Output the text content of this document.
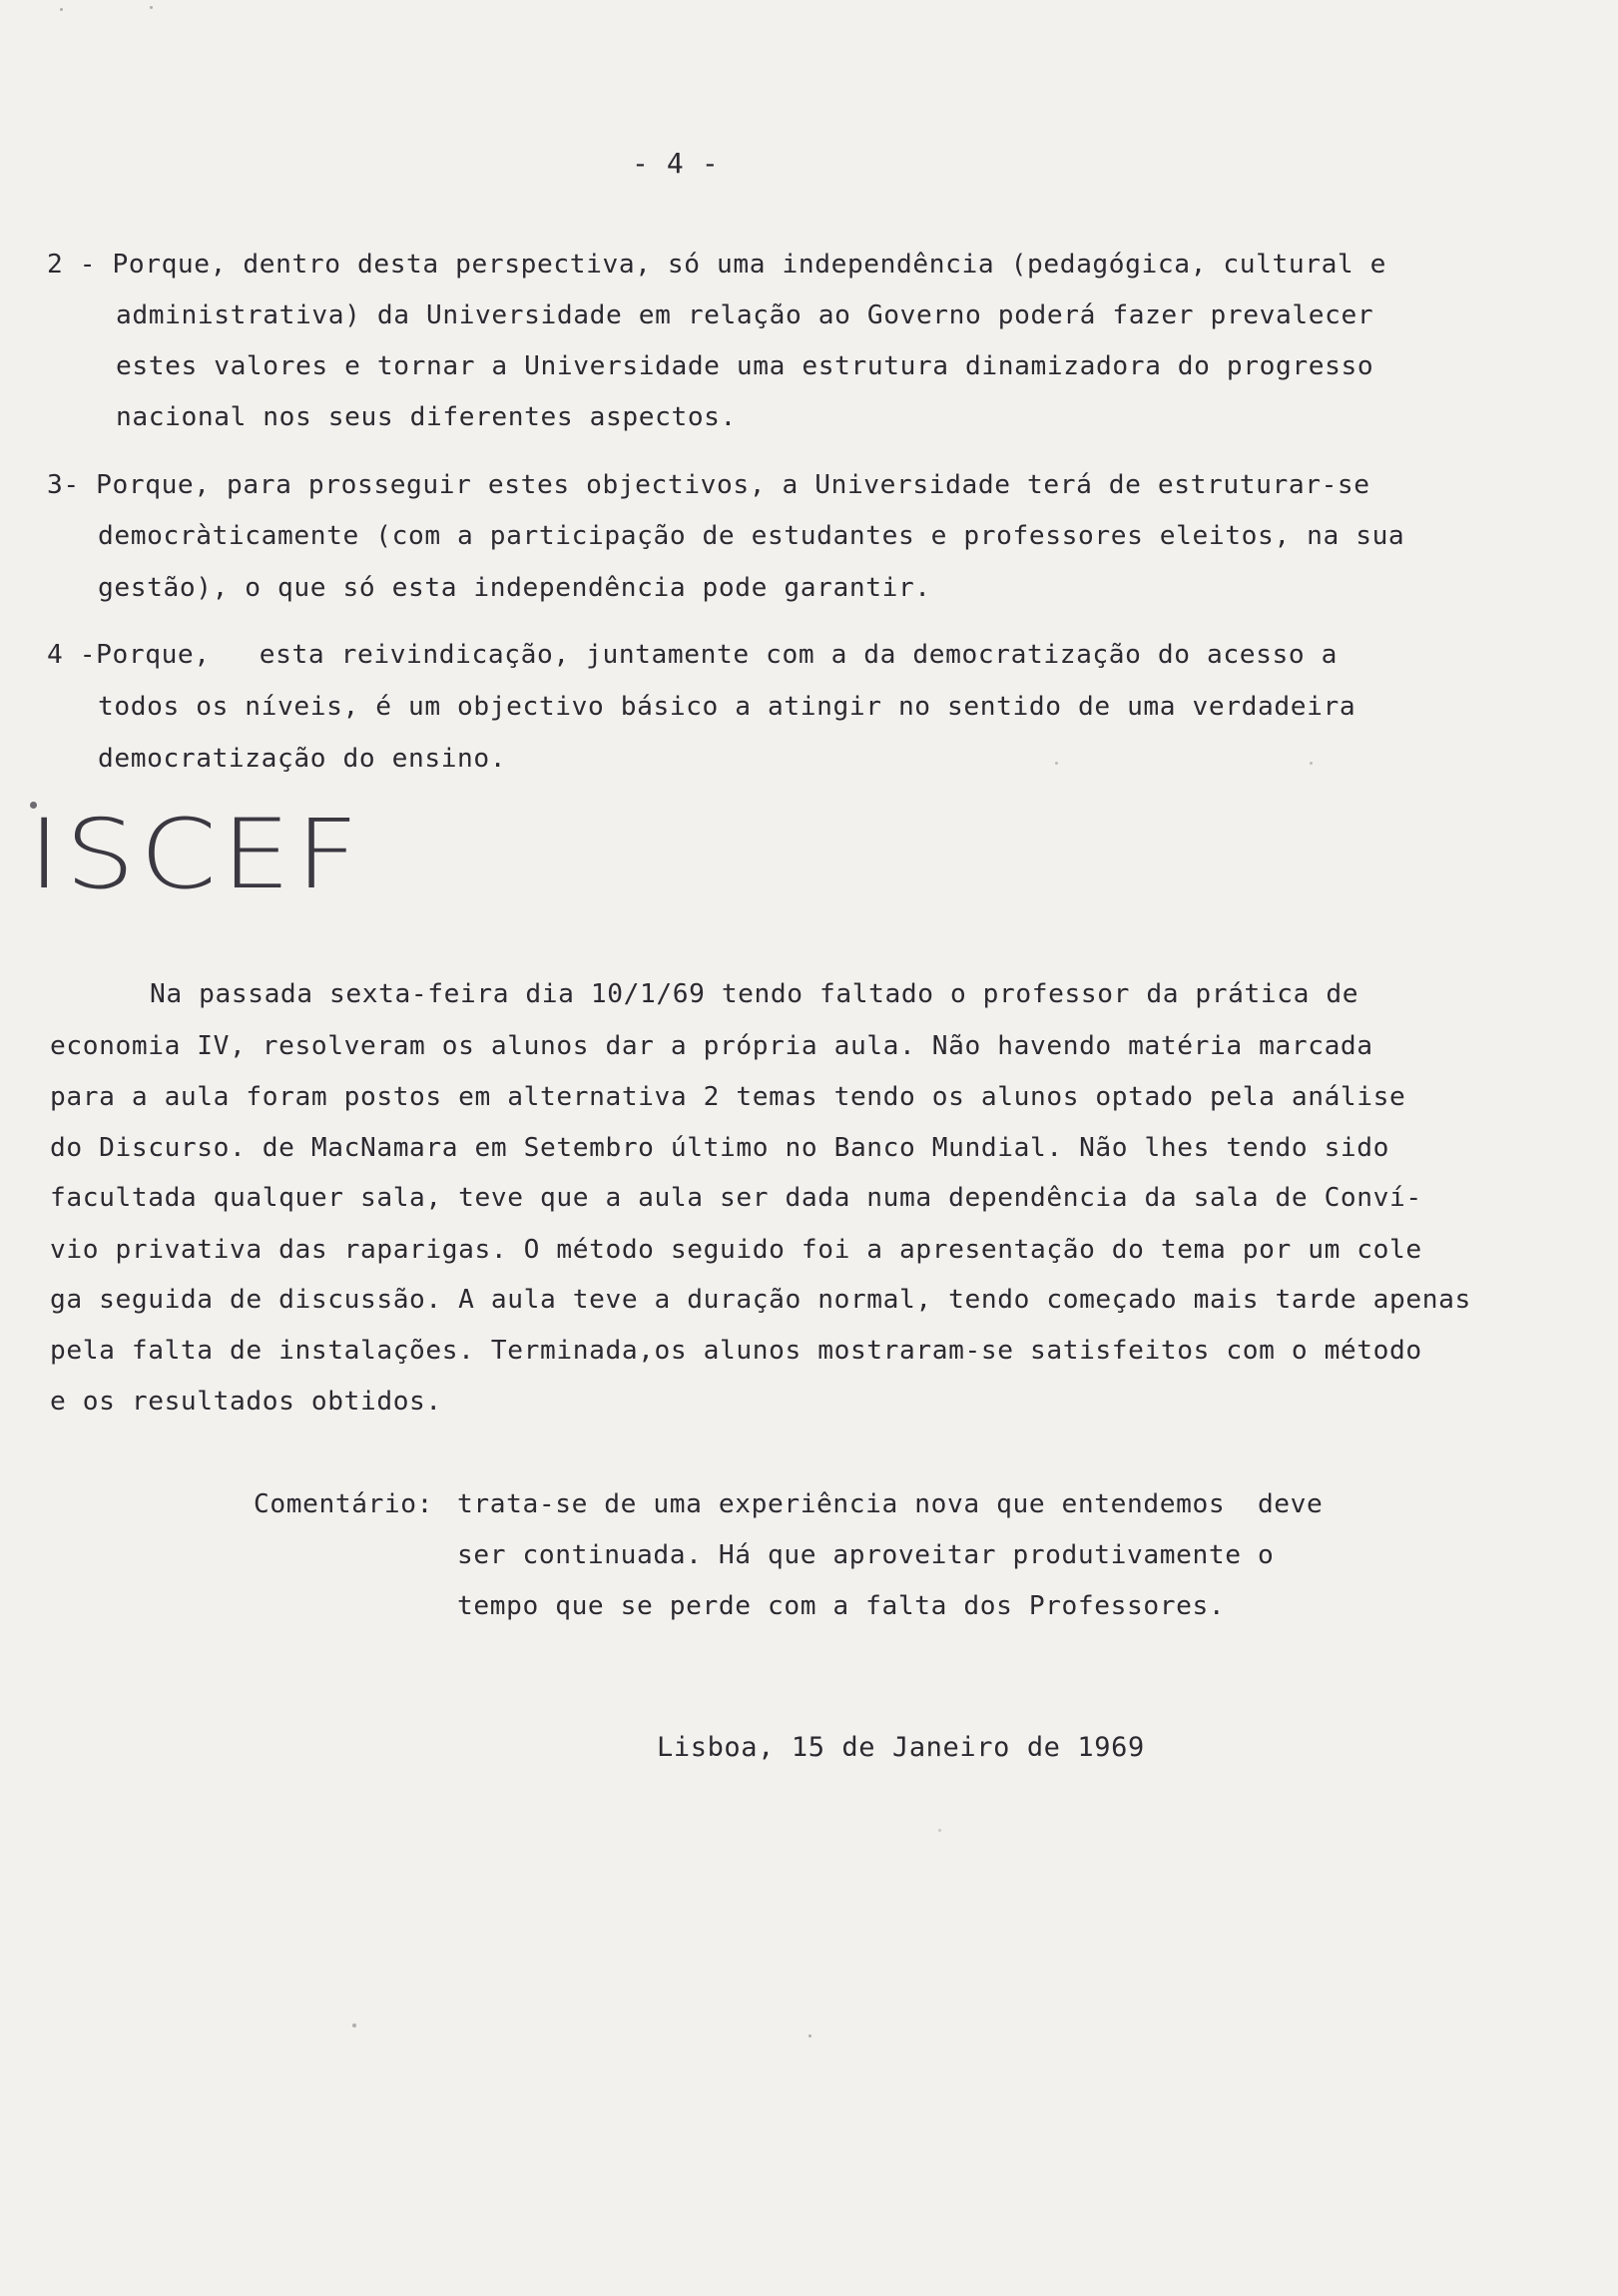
- 4 -
2 - Porque, dentro desta perspectiva, só uma independência (pedagógica, cultural e
administrativa) da Universidade em relação ao Governo poderá fazer prevalecer
estes valores e tornar a Universidade uma estrutura dinamizadora do progresso
nacional nos seus diferentes aspectos.
3- Porque, para prosseguir estes objectivos, a Universidade terá de estruturar-se
democràticamente (com a participação de estudantes e professores eleitos, na sua
gestão), o que só esta independência pode garantir.
4 -Porque,   esta reivindicação, juntamente com a da democratização do acesso a
todos os níveis, é um objectivo básico a atingir no sentido de uma verdadeira
democratização do ensino.
ISCEF
Na passada sexta-feira dia 10/1/69 tendo faltado o professor da prática de
economia IV, resolveram os alunos dar a própria aula. Não havendo matéria marcada
para a aula foram postos em alternativa 2 temas tendo os alunos optado pela análise
do Discurso. de MacNamara em Setembro último no Banco Mundial. Não lhes tendo sido
facultada qualquer sala, teve que a aula ser dada numa dependência da sala de Conví-
vio privativa das raparigas. O método seguido foi a apresentação do tema por um cole
ga seguida de discussão. A aula teve a duração normal, tendo começado mais tarde apenas
pela falta de instalações. Terminada,os alunos mostraram-se satisfeitos com o método
e os resultados obtidos.
Comentário: trata-se de uma experiência nova que entendemos  deve
ser continuada. Há que aproveitar produtivamente o
tempo que se perde com a falta dos Professores.
Lisboa, 15 de Janeiro de 1969
